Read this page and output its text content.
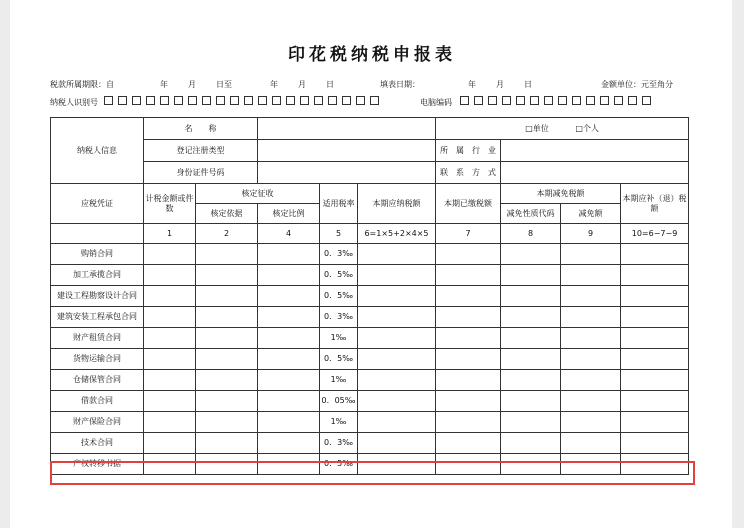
印花税纳税申报表
税款所属期限：自	年	月	日至	年	月	日	填表日期：	年	月	日	金额单位：元至角分
纳税人识别号	电脑编码
纳税人信息	名　　称					□单位　　　 □个人			
	登记注册类型					所　属　行　业			
	身份证件号码					联　系　方　式			
应税凭证	计税金额或件数	核定征收		适用税率	本期应纳税额	本期已缴税额	本期减免税额		本期应补（退）税额
		核定依据	核定比例				减免性质代码	减免额	
	1	2	4	5	6=1×5+2×4×5	7	8	9	10=6−7−9
购销合同				0．3‰					
加工承揽合同				0．5‰					
建设工程勘察设计合同				0．5‰					
建筑安装工程承包合同				0．3‰					
财产租赁合同				1‰					
货物运输合同				0．5‰					
仓储保管合同				1‰					
借款合同				0．05‰					
财产保险合同				1‰					
技术合同				0．3‰					
产权转移书据				0．5‰					
